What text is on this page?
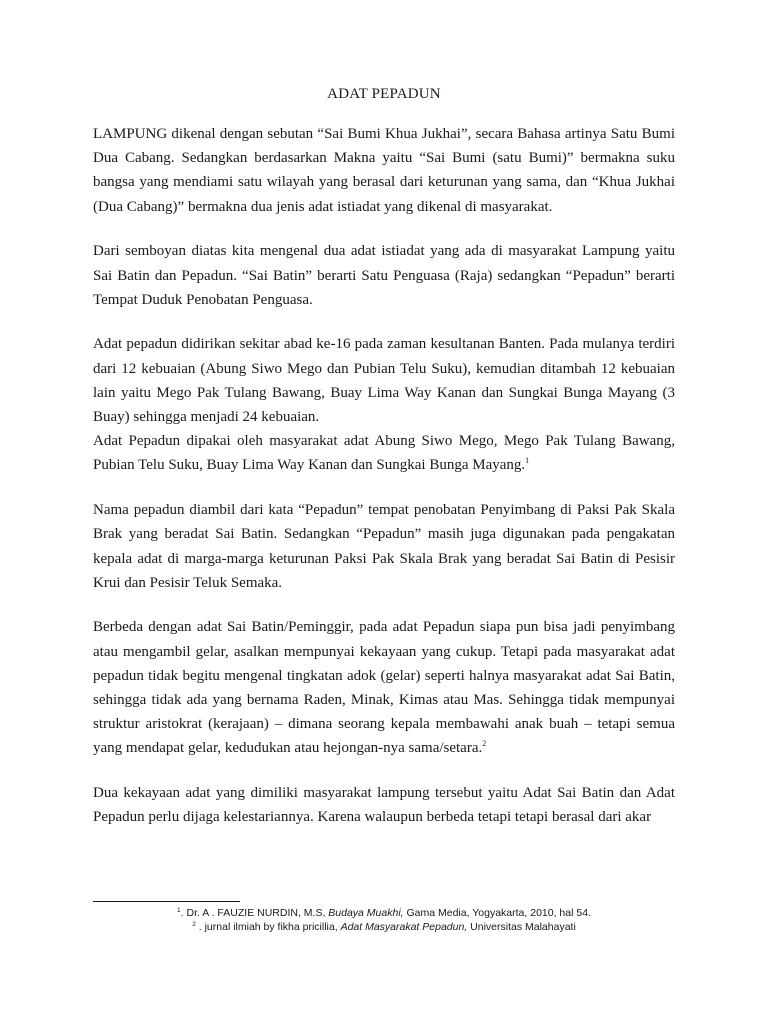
ADAT PEPADUN

LAMPUNG dikenal dengan sebutan “Sai Bumi Khua Jukhai”, secara Bahasa artinya Satu Bumi Dua Cabang. Sedangkan berdasarkan Makna yaitu “Sai Bumi (satu Bumi)” bermakna suku bangsa yang mendiami satu wilayah yang berasal dari keturunan yang sama, dan “Khua Jukhai (Dua Cabang)” bermakna dua jenis adat istiadat yang dikenal di masyarakat.

Dari semboyan diatas kita mengenal dua adat istiadat yang ada di masyarakat Lampung yaitu Sai Batin dan Pepadun. “Sai Batin” berarti Satu Penguasa (Raja) sedangkan “Pepadun” berarti Tempat Duduk Penobatan Penguasa.

Adat pepadun didirikan sekitar abad ke-16 pada zaman kesultanan Banten. Pada mulanya terdiri dari 12 kebuaian (Abung Siwo Mego dan Pubian Telu Suku), kemudian ditambah 12 kebuaian lain yaitu Mego Pak Tulang Bawang, Buay Lima Way Kanan dan Sungkai Bunga Mayang (3 Buay) sehingga menjadi 24 kebuaian.

Adat Pepadun dipakai oleh masyarakat adat Abung Siwo Mego, Mego Pak Tulang Bawang, Pubian Telu Suku, Buay Lima Way Kanan dan Sungkai Bunga Mayang.$^1$

Nama pepadun diambil dari kata “Pepadun” tempat penobatan Penyimbang di Paksi Pak Skala Brak yang beradat Sai Batin. Sedangkan “Pepadun” masih juga digunakan pada pengakatan kepala adat di marga-marga keturunan Paksi Pak Skala Brak yang beradat Sai Batin di Pesisir Krui dan Pesisir Teluk Semaka.

Berbeda dengan adat Sai Batin/Peminggir, pada adat Pepadun siapa pun bisa jadi penyimbang atau mengambil gelar, asalkan mempunyai kekayaan yang cukup. Tetapi pada masyarakat adat pepadun tidak begitu mengenal tingkatan adok (gelar) seperti halnya masyarakat adat Sai Batin, sehingga tidak ada yang bernama Raden, Minak, Kimas atau Mas. Sehingga tidak mempunyai struktur aristokrat (kerajaan) – dimana seorang kepala membawahi anak buah – tetapi semua yang mendapat gelar, kedudukan atau hejongan-nya sama/setara.$^2$

Dua kekayaan adat yang dimiliki masyarakat lampung tersebut yaitu Adat Sai Batin dan Adat Pepadun perlu dijaga kelestariannya. Karena walaupun berbeda tetapi tetapi berasal dari akar

$^1$. Dr. A . FAUZIE NURDIN, M.S, Budaya Muakhi, Gama Media, Yogyakarta, 2010, hal 54.
$^2$ . jurnal ilmiah by fikha pricillia, Adat Masyarakat Pepadun, Universitas Malahayati
